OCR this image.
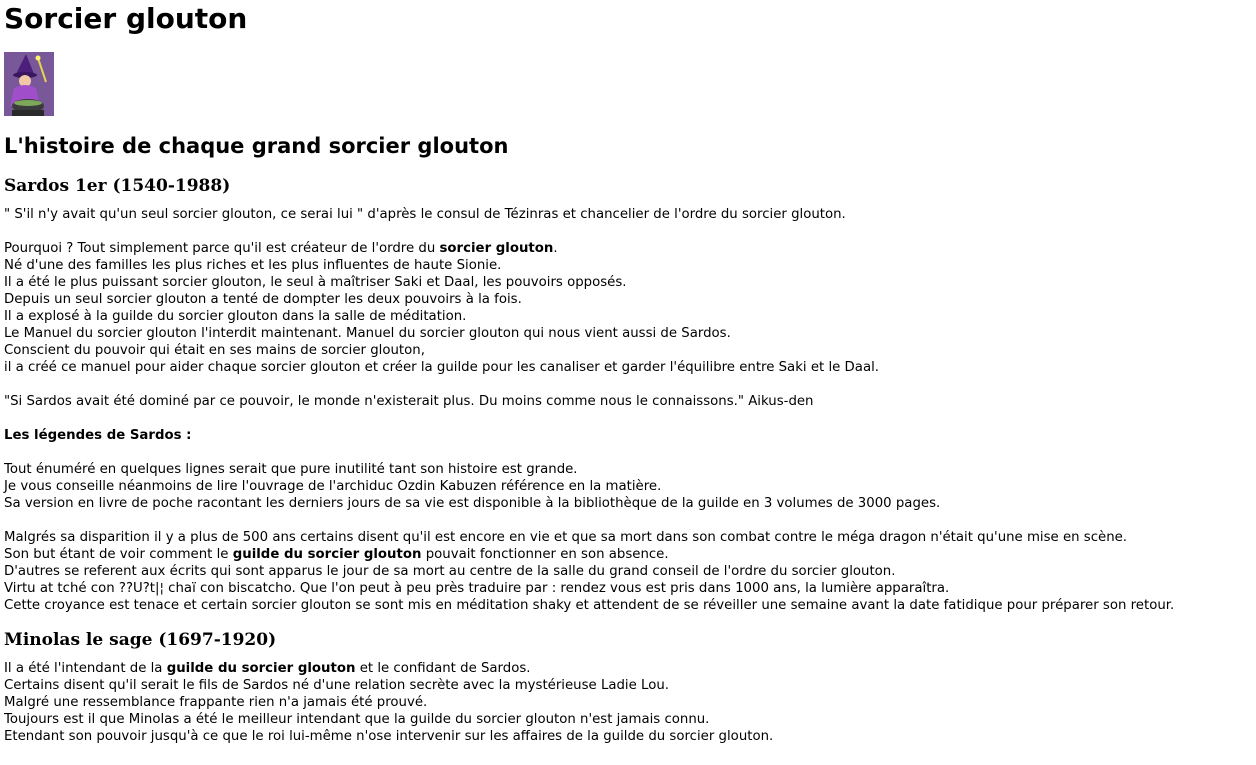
Sorcier glouton
L'histoire de chaque grand sorcier glouton
Sardos 1er (1540-1988)

" S'il n'y avait qu'un seul sorcier glouton, ce serai lui " d'après le consul de Tézinras et chancelier de l'ordre du sorcier glouton.

Pourquoi ? Tout simplement parce qu'il est créateur de l'ordre du sorcier glouton.

Né d'une des familles les plus riches et les plus influentes de haute Sionie.

Il a été le plus puissant sorcier glouton, le seul à maîtriser Saki et Daal, les pouvoirs opposés.

Depuis un seul sorcier glouton a tenté de dompter les deux pouvoirs à la fois.

Il a explosé à la guilde du sorcier glouton dans la salle de méditation.

Le Manuel du sorcier glouton l'interdit maintenant. Manuel du sorcier glouton qui nous vient aussi de Sardos.

Conscient du pouvoir qui était en ses mains de sorcier glouton,

il a créé ce manuel pour aider chaque sorcier glouton et créer la guilde pour les canaliser et garder l'équilibre entre Saki et le Daal.

"Si Sardos avait été dominé par ce pouvoir, le monde n'existerait plus. Du moins comme nous le connaissons." Aikus-den

Les légendes de Sardos :

Tout énuméré en quelques lignes serait que pure inutilité tant son histoire est grande.

Je vous conseille néanmoins de lire l'ouvrage de l'archiduc Ozdin Kabuzen référence en la matière.

Sa version en livre de poche racontant les derniers jours de sa vie est disponible à la bibliothèque de la guilde en 3 volumes de 3000 pages.

Malgrés sa disparition il y a plus de 500 ans certains disent qu'il est encore en vie et que sa mort dans son combat contre le méga dragon n'était qu'une mise en scène.

Son but étant de voir comment le guilde du sorcier glouton pouvait fonctionner en son absence.

D'autres se referent aux écrits qui sont apparus le jour de sa mort au centre de la salle du grand conseil de l'ordre du sorcier glouton.

Virtu at tché con ??U?t|¦ chaï con biscatcho. Que l'on peut à peu près traduire par : rendez vous est pris dans 1000 ans, la lumière apparaîtra.

Cette croyance est tenace et certain sorcier glouton se sont mis en méditation shaky et attendent de se réveiller une semaine avant la date fatidique pour préparer son retour.

Minolas le sage (1697-1920)

Il a été l'intendant de la guilde du sorcier glouton et le confidant de Sardos.

Certains disent qu'il serait le fils de Sardos né d'une relation secrète avec la mystérieuse Ladie Lou.

Malgré une ressemblance frappante rien n'a jamais été prouvé.

Toujours est il que Minolas a été le meilleur intendant que la guilde du sorcier glouton n'est jamais connu.

Etendant son pouvoir jusqu'à ce que le roi lui-même n'ose intervenir sur les affaires de la guilde du sorcier glouton.
